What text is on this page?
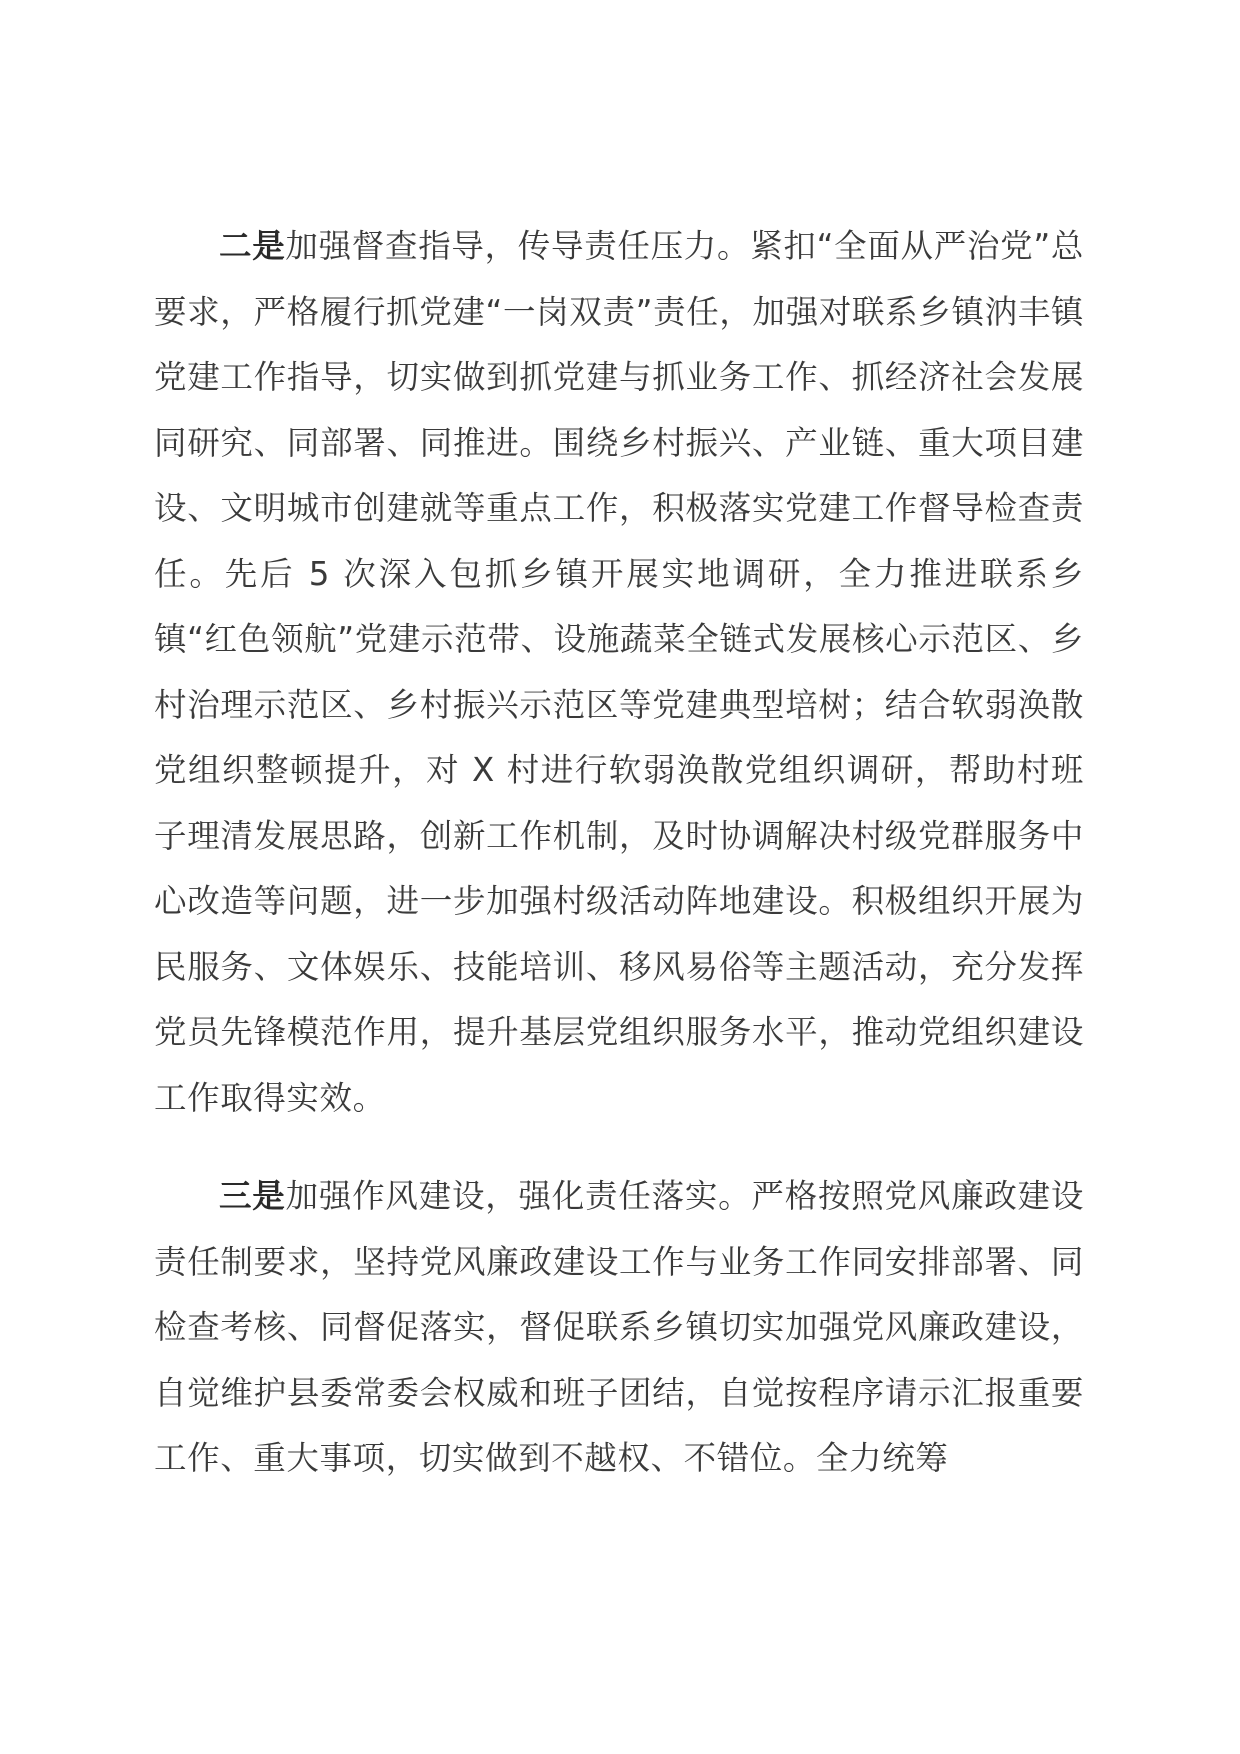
二是加强督查指导，传导责任压力。紧扣“全面从严治党”总要求，严格履行抓党建“一岗双责”责任，加强对联系乡镇汭丰镇党建工作指导，切实做到抓党建与抓业务工作、抓经济社会发展同研究、同部署、同推进。围绕乡村振兴、产业链、重大项目建设、文明城市创建就等重点工作，积极落实党建工作督导检查责任。先后 5 次深入包抓乡镇开展实地调研，全力推进联系乡镇“红色领航”党建示范带、设施蔬菜全链式发展核心示范区、乡村治理示范区、乡村振兴示范区等党建典型培树；结合软弱涣散党组织整顿提升，对 X 村进行软弱涣散党组织调研，帮助村班子理清发展思路，创新工作机制，及时协调解决村级党群服务中心改造等问题，进一步加强村级活动阵地建设。积极组织开展为民服务、文体娱乐、技能培训、移风易俗等主题活动，充分发挥党员先锋模范作用，提升基层党组织服务水平，推动党组织建设工作取得实效。

三是加强作风建设，强化责任落实。严格按照党风廉政建设责任制要求，坚持党风廉政建设工作与业务工作同安排部署、同检查考核、同督促落实，督促联系乡镇切实加强党风廉政建设，自觉维护县委常委会权威和班子团结，自觉按程序请示汇报重要工作、重大事项，切实做到不越权、不错位。全力统筹
